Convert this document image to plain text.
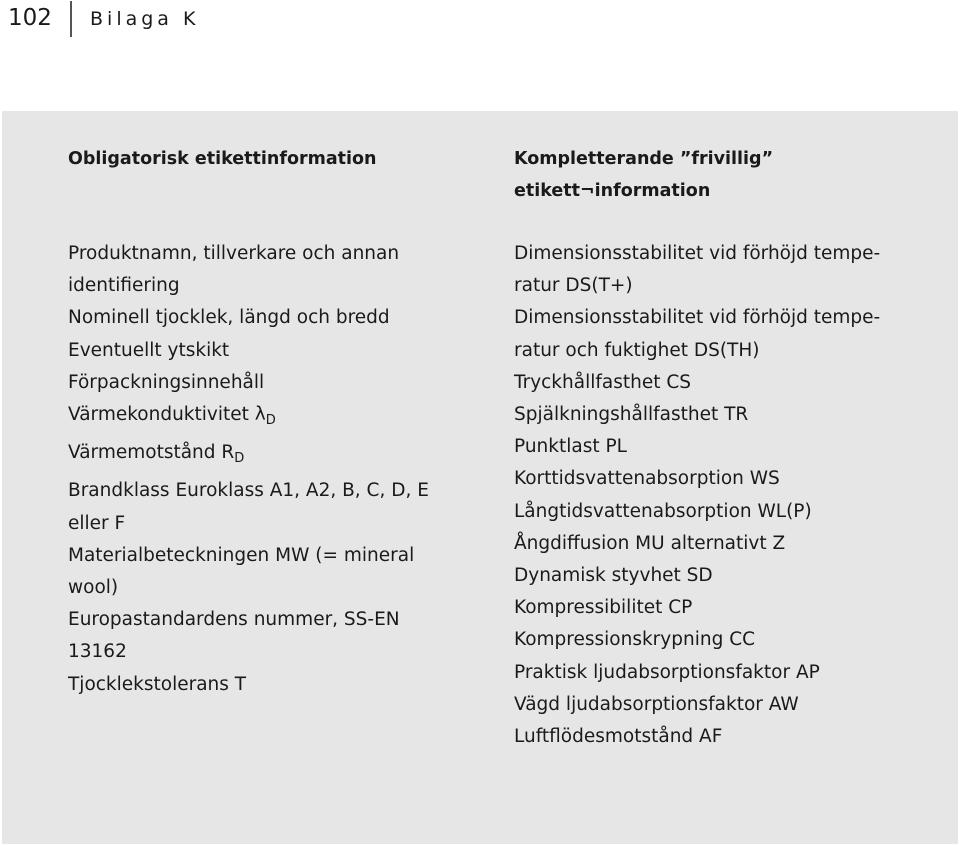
102 Bilaga K
Obligatorisk etikettinformation
Produktnamn, tillverkare och annan
identifiering
Nominell tjocklek, längd och bredd
Eventuellt ytskikt
Förpackningsinnehåll
Värmekonduktivitet $\lambda_D$
Värmemotstånd $R_D$
Brandklass Euroklass A1, A2, B, C, D, E
eller F
Materialbeteckningen MW (= mineral
wool)
Europastandardens nummer, SS-EN
13162
Tjocklekstolerans T
Kompletterande ”frivillig”
etikett¬information
Dimensionsstabilitet vid förhöjd tempe-
ratur DS(T+)
Dimensionsstabilitet vid förhöjd tempe-
ratur och fuktighet DS(TH)
Tryckhållfasthet CS
Spjälkningshållfasthet TR
Punktlast PL
Korttidsvattenabsorption WS
Långtidsvattenabsorption WL(P)
Ångdiffusion MU alternativt Z
Dynamisk styvhet SD
Kompressibilitet CP
Kompressionskrypning CC
Praktisk ljudabsorptionsfaktor AP
Vägd ljudabsorptionsfaktor AW
Luftflödesmotstånd AF
